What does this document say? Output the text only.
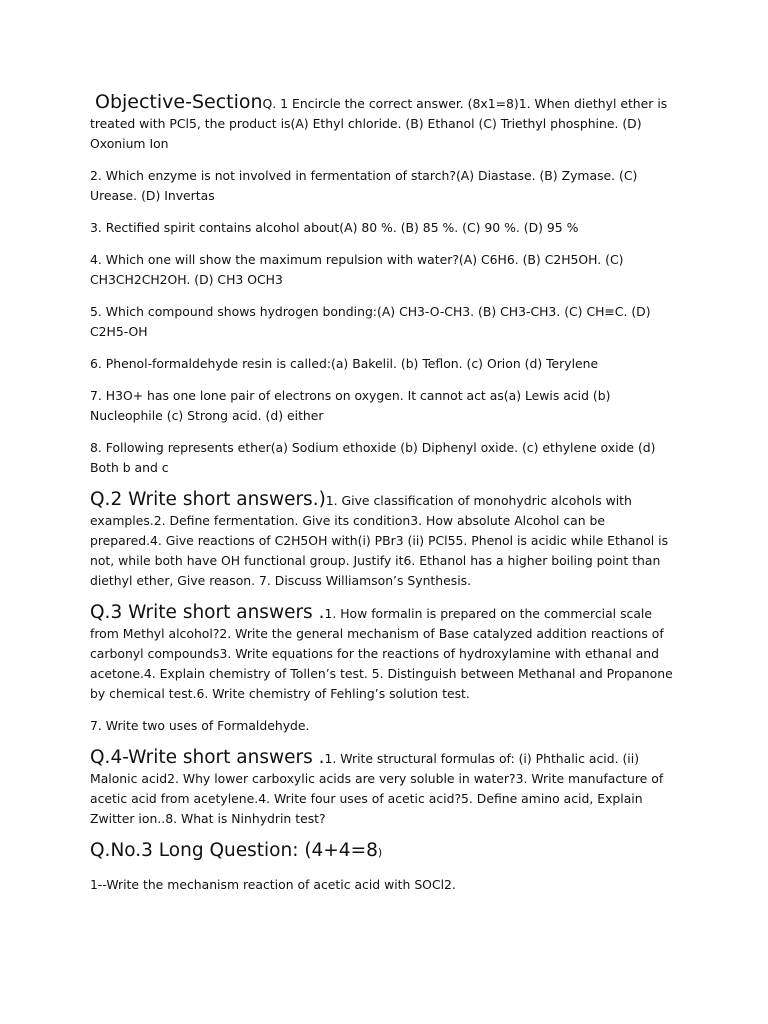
Objective-SectionQ. 1 Encircle the correct answer. (8x1=8)1. When diethyl ether is treated with PCl5, the product is(A) Ethyl chloride. (B) Ethanol (C) Triethyl phosphine. (D) Oxonium Ion

2. Which enzyme is not involved in fermentation of starch?(A) Diastase. (B) Zymase. (C) Urease. (D) Invertas

3. Rectified spirit contains alcohol about(A) 80 %. (B) 85 %. (C) 90 %. (D) 95 %

4. Which one will show the maximum repulsion with water?(A) C6H6. (B) C2H5OH. (C) CH3CH2CH2OH. (D) CH3 OCH3

5. Which compound shows hydrogen bonding:(A) CH3-O-CH3. (B) CH3-CH3. (C) CH≡C. (D) C2H5-OH

6. Phenol-formaldehyde resin is called:(a) Bakelil. (b) Teflon. (c) Orion (d) Terylene

7. H3O+ has one lone pair of electrons on oxygen. It cannot act as(a) Lewis acid (b) Nucleophile (c) Strong acid. (d) either

8. Following represents ether(a) Sodium ethoxide (b) Diphenyl oxide. (c) ethylene oxide (d) Both b and c

Q.2 Write short answers.)1. Give classification of monohydric alcohols with examples.2. Define fermentation. Give its condition3. How absolute Alcohol can be prepared.4. Give reactions of C2H5OH with(i) PBr3 (ii) PCl55. Phenol is acidic while Ethanol is not, while both have OH functional group. Justify it6. Ethanol has a higher boiling point than diethyl ether, Give reason. 7. Discuss Williamson’s Synthesis.

Q.3 Write short answers .1. How formalin is prepared on the commercial scale from Methyl alcohol?2. Write the general mechanism of Base catalyzed addition reactions of carbonyl compounds3. Write equations for the reactions of hydroxylamine with ethanal and acetone.4. Explain chemistry of Tollen’s test. 5. Distinguish between Methanal and Propanone by chemical test.6. Write chemistry of Fehling’s solution test.

7. Write two uses of Formaldehyde.

Q.4-Write short answers .1. Write structural formulas of: (i) Phthalic acid. (ii) Malonic acid2. Why lower carboxylic acids are very soluble in water?3. Write manufacture of acetic acid from acetylene.4. Write four uses of acetic acid?5. Define amino acid, Explain Zwitter ion..8. What is Ninhydrin test?

Q.No.3 Long Question: (4+4=8)

1--Write the mechanism reaction of acetic acid with SOCl2.
